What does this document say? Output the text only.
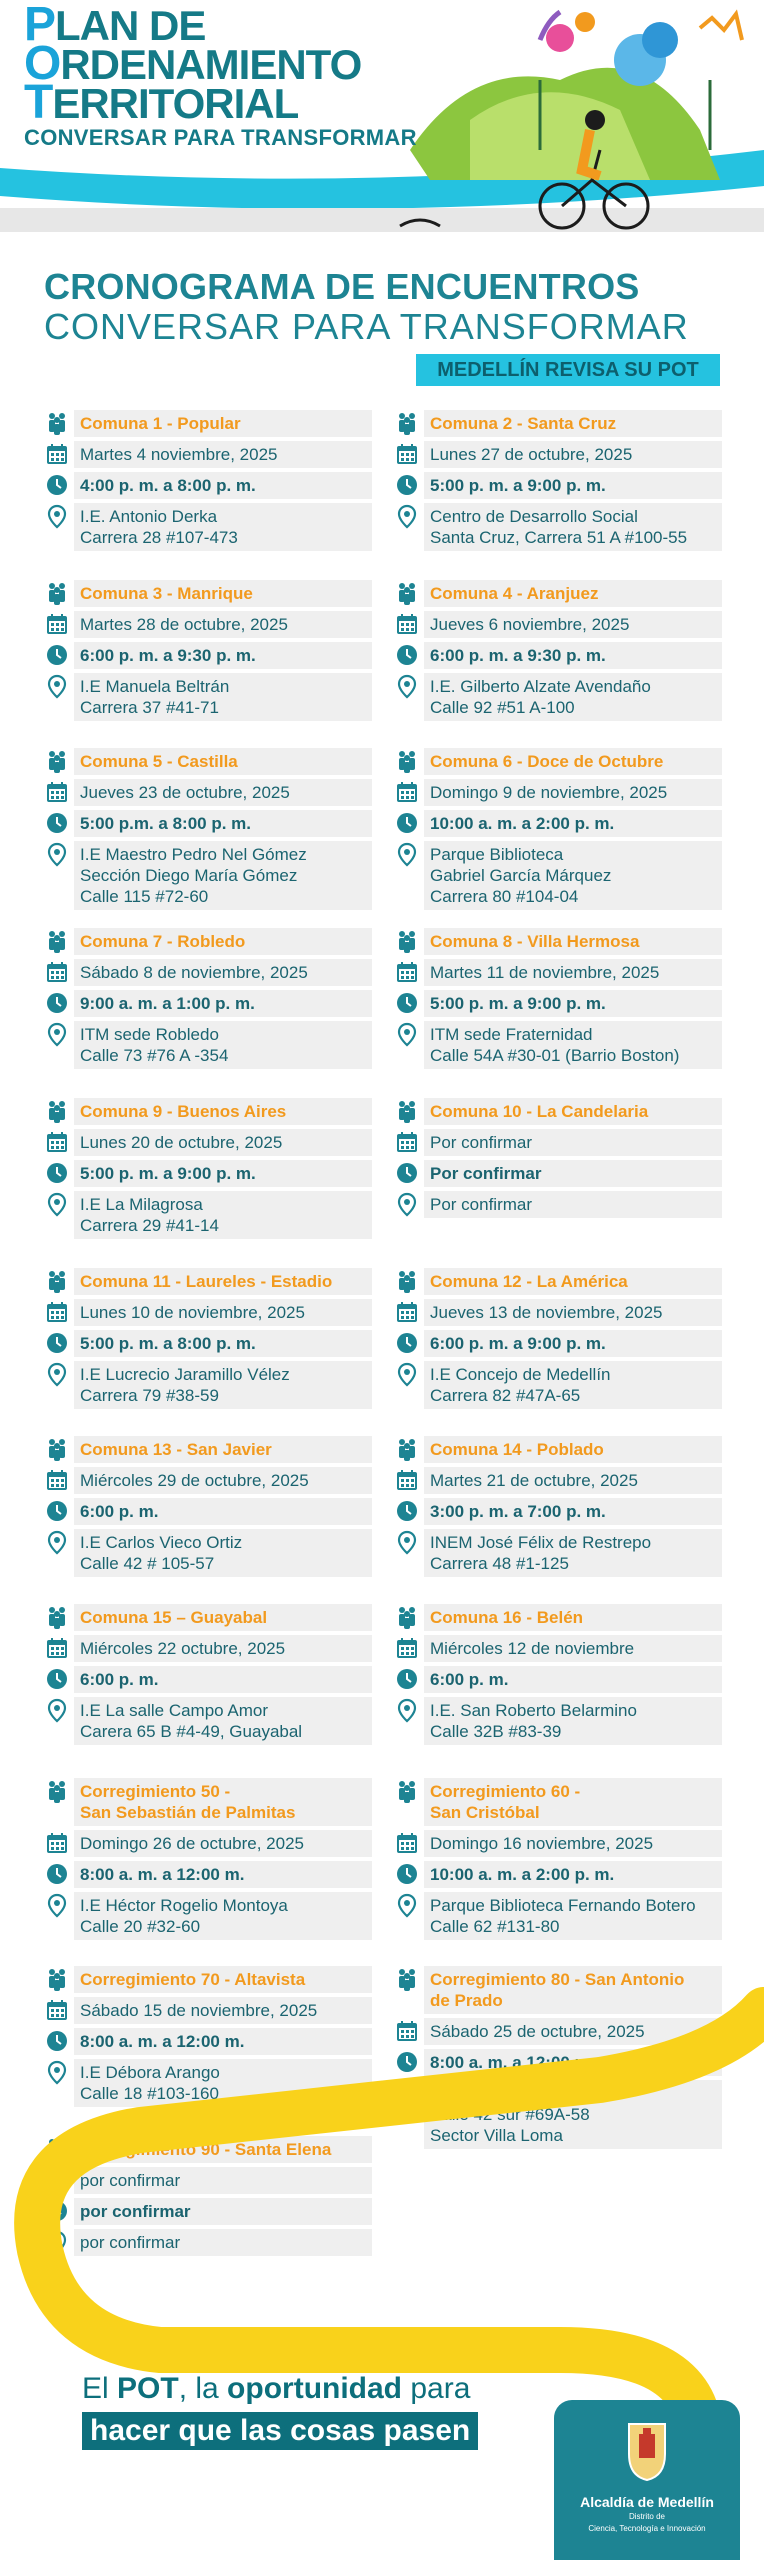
PLAN DE
ORDENAMIENTO
TERRITORIAL
CONVERSAR PARA TRANSFORMAR
CRONOGRAMA DE ENCUENTROS
CONVERSAR PARA TRANSFORMAR
MEDELLÍN REVISA SU POT
Comuna 1 - Popular
Martes 4 noviembre, 2025
4:00 p. m. a 8:00 p. m.
I.E. Antonio Derka
Carrera 28 #107-473
Comuna 2 - Santa Cruz
Lunes 27 de octubre, 2025
5:00 p. m. a 9:00 p. m.
Centro de Desarrollo Social
Santa Cruz, Carrera 51 A #100-55
Comuna 3 - Manrique
Martes 28 de octubre, 2025
6:00 p. m. a 9:30 p. m.
I.E Manuela Beltrán
Carrera 37 #41-71
Comuna 4 - Aranjuez
Jueves 6 noviembre, 2025
6:00 p. m. a 9:30 p. m.
I.E. Gilberto Alzate Avendaño
Calle 92 #51 A-100
Comuna 5 - Castilla
Jueves 23 de octubre, 2025
5:00 p.m. a 8:00 p. m.
I.E Maestro Pedro Nel Gómez
Sección Diego María Gómez
Calle 115 #72-60
Comuna 6 - Doce de Octubre
Domingo 9 de noviembre, 2025
10:00 a. m. a 2:00 p. m.
Parque Biblioteca
Gabriel García Márquez
Carrera 80 #104-04
Comuna 7 - Robledo
Sábado 8 de noviembre, 2025
9:00 a. m. a 1:00 p. m.
ITM sede Robledo
Calle 73 #76 A -354
Comuna 8 - Villa Hermosa
Martes 11 de noviembre, 2025
5:00 p. m. a 9:00 p. m.
ITM sede Fraternidad
Calle 54A #30-01 (Barrio Boston)
Comuna 9 - Buenos Aires
Lunes 20 de octubre, 2025
5:00 p. m. a 9:00 p. m.
I.E La Milagrosa
Carrera 29 #41-14
Comuna 10 - La Candelaria
Por confirmar
Por confirmar
Por confirmar
Comuna 11 - Laureles - Estadio
Lunes 10 de noviembre, 2025
5:00 p. m. a 8:00 p. m.
I.E Lucrecio Jaramillo Vélez
Carrera 79 #38-59
Comuna 12 - La América
Jueves 13 de noviembre, 2025
6:00 p. m. a 9:00 p. m.
I.E Concejo de Medellín
Carrera 82 #47A-65
Comuna 13 - San Javier
Miércoles 29 de octubre, 2025
6:00 p. m.
I.E Carlos Vieco Ortiz
Calle 42 # 105-57
Comuna 14 - Poblado
Martes 21 de octubre, 2025
3:00 p. m. a 7:00 p. m.
INEM José Félix de Restrepo
Carrera 48 #1-125
Comuna 15 – Guayabal
Miércoles 22 octubre, 2025
6:00 p. m.
I.E La salle Campo Amor
Carera 65 B #4-49, Guayabal
Comuna 16 - Belén
Miércoles 12 de noviembre
6:00 p. m.
I.E. San Roberto Belarmino
Calle 32B #83-39
Corregimiento 50 -
San Sebastián de Palmitas
Domingo 26 de octubre, 2025
8:00 a. m. a 12:00 m.
I.E Héctor Rogelio Montoya
Calle 20 #32-60
Corregimiento 60 -
San Cristóbal
Domingo 16 noviembre, 2025
10:00 a. m. a 2:00 p. m.
Parque Biblioteca Fernando Botero
Calle 62 #131-80
Corregimiento 70 - Altavista
Sábado 15 de noviembre, 2025
8:00 a. m. a 12:00 m.
I.E Débora Arango
Calle 18 #103-160
Corregimiento 80 - San Antonio
de Prado
Sábado 25 de octubre, 2025
8:00 a. m. a 12:00 m.
Colegio Empresarial
Calle 42 sur #69A-58
Sector Villa Loma
Corregimiento 90 - Santa Elena
por confirmar
por confirmar
por confirmar
El POT, la oportunidad para
hacer que las cosas pasen
Alcaldía de Medellín
Distrito de
Ciencia, Tecnología e Innovación
